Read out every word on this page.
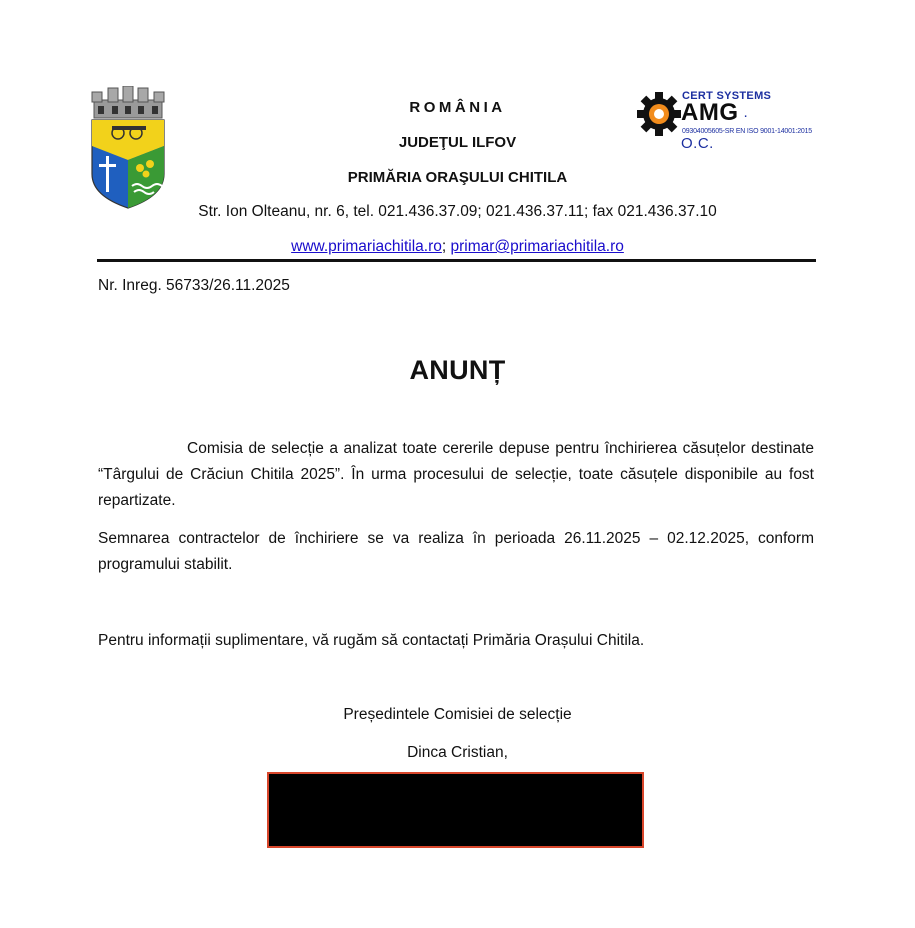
ROMÂNIA
JUDEŢUL ILFOV
PRIMĂRIA ORAŞULUI CHITILA
Str. Ion Olteanu, nr. 6, tel. 021.436.37.09; 021.436.37.11; fax 021.436.37.10
www.primariachitila.ro; primar@primariachitila.ro
CERT SYSTEMS
AMG · O.C.
09304005605-SR EN ISO 9001-14001:2015
Nr. Inreg. 56733/26.11.2025
ANUNȚ
Comisia de selecție a analizat toate cererile depuse pentru închirierea căsuțelor destinate “Târgului de Crăciun Chitila 2025”. În urma procesului de selecție, toate căsuțele disponibile au fost repartizate.
Semnarea contractelor de închiriere se va realiza în perioada 26.11.2025 – 02.12.2025, conform programului stabilit.
Pentru informații suplimentare, vă rugăm să contactați Primăria Orașului Chitila.
Președintele Comisiei de selecție
Dinca Cristian,
